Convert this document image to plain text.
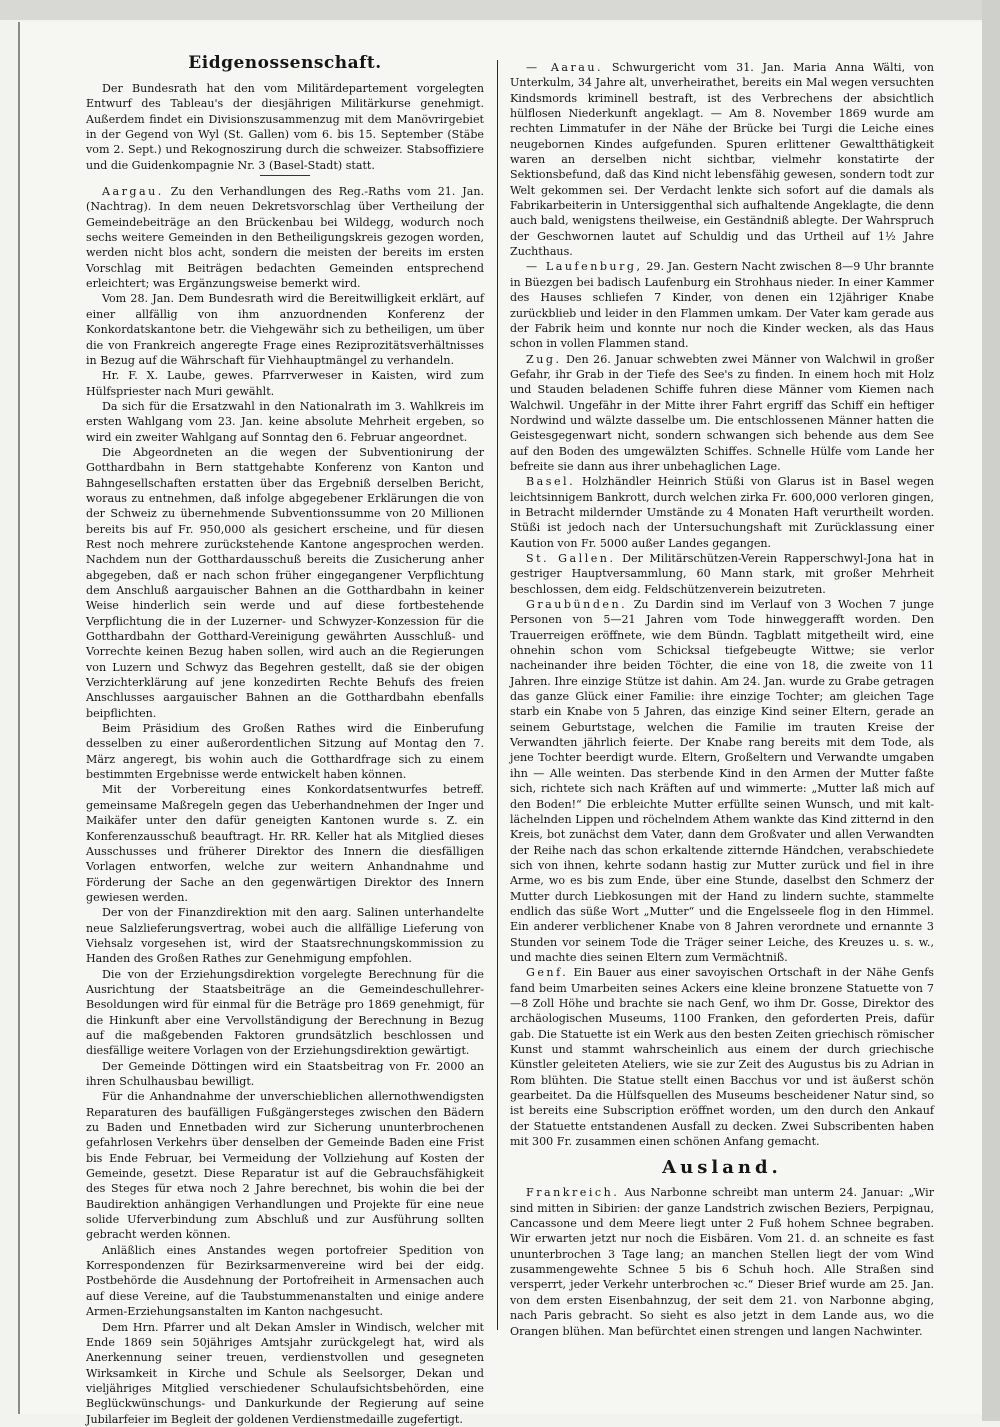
Eidgenossenschaft.

Der Bundesrath hat den vom Militärdepartement vorgelegten Entwurf des Tableau's der diesjährigen Militärkurse genehmigt. Außerdem findet ein Divisionszusammenzug mit dem Manövrirgebiet in der Gegend von Wyl (St. Gallen) vom 6. bis 15. September (Stäbe vom 2. Sept.) und Rekognoszirung durch die schweizer. Stabsoffiziere und die Guidenkompagnie Nr. 3 (Basel-Stadt) statt.

Aargau. Zu den Verhandlungen des Reg.-Raths vom 21. Jan. (Nachtrag). In dem neuen Dekretsvorschlag über Vertheilung der Gemeindebeiträge an den Brückenbau bei Wildegg, wodurch noch sechs weitere Gemeinden in den Betheiligungskreis gezogen worden, werden nicht blos acht, sondern die meisten der bereits im ersten Vorschlag mit Beiträgen bedachten Gemeinden entsprechend erleichtert; was Ergänzungsweise bemerkt wird.

Vom 28. Jan. Dem Bundesrath wird die Bereitwilligkeit erklärt, auf einer allfällig von ihm anzuordnenden Konferenz der Konkordatskantone betr. die Viehgewähr sich zu betheiligen, um über die von Frankreich angeregte Frage eines Reziprozitätsverhältnisses in Bezug auf die Währschaft für Viehhauptmängel zu verhandeln.

Hr. F. X. Laube, gewes. Pfarrverweser in Kaisten, wird zum Hülfspriester nach Muri gewählt.

Da sich für die Ersatzwahl in den Nationalrath im 3. Wahlkreis im ersten Wahlgang vom 23. Jan. keine absolute Mehrheit ergeben, so wird ein zweiter Wahlgang auf Sonntag den 6. Februar angeordnet.

Die Abgeordneten an die wegen der Subventionirung der Gotthardbahn in Bern stattgehabte Konferenz von Kanton und Bahngesellschaften erstatten über das Ergebniß derselben Bericht, woraus zu entnehmen, daß infolge abgegebener Erklärungen die von der Schweiz zu übernehmende Subventionssumme von 20 Millionen bereits bis auf Fr. 950,000 als gesichert erscheine, und für diesen Rest noch mehrere zurückstehende Kantone angesprochen werden. Nachdem nun der Gotthardausschuß bereits die Zusicherung anher abgegeben, daß er nach schon früher eingegangener Verpflichtung dem Anschluß aargauischer Bahnen an die Gotthardbahn in keiner Weise hinderlich sein werde und auf diese fortbestehende Verpflichtung die in der Luzerner- und Schwyzer-Konzession für die Gotthardbahn der Gotthard-Vereinigung gewährten Ausschluß- und Vorrechte keinen Bezug haben sollen, wird auch an die Regierungen von Luzern und Schwyz das Begehren gestellt, daß sie der obigen Verzichterklärung auf jene konzedirten Rechte Behufs des freien Anschlusses aargauischer Bahnen an die Gotthardbahn ebenfalls beipflichten.

Beim Präsidium des Großen Rathes wird die Einberufung desselben zu einer außerordentlichen Sitzung auf Montag den 7. März angeregt, bis wohin auch die Gotthardfrage sich zu einem bestimmten Ergebnisse werde entwickelt haben können.

Mit der Vorbereitung eines Konkordatsentwurfes betreff. gemeinsame Maßregeln gegen das Ueberhandnehmen der Inger und Maikäfer unter den dafür geneigten Kantonen wurde s. Z. ein Konferenzausschuß beauftragt. Hr. RR. Keller hat als Mitglied dieses Ausschusses und früherer Direktor des Innern die diesfälligen Vorlagen entworfen, welche zur weitern Anhandnahme und Förderung der Sache an den gegenwärtigen Direktor des Innern gewiesen werden.

Der von der Finanzdirektion mit den aarg. Salinen unterhandelte neue Salzlieferungsvertrag, wobei auch die allfällige Lieferung von Viehsalz vorgesehen ist, wird der Staatsrechnungskommission zu Handen des Großen Rathes zur Genehmigung empfohlen.

Die von der Erziehungsdirektion vorgelegte Berechnung für die Ausrichtung der Staatsbeiträge an die Gemeindeschullehrer-Besoldungen wird für einmal für die Beträge pro 1869 genehmigt, für die Hinkunft aber eine Vervollständigung der Berechnung in Bezug auf die maßgebenden Faktoren grundsätzlich beschlossen und diesfällige weitere Vorlagen von der Erziehungsdirektion gewärtigt.

Der Gemeinde Döttingen wird ein Staatsbeitrag von Fr. 2000 an ihren Schulhausbau bewilligt.

Für die Anhandnahme der unverschieblichen allernothwendigsten Reparaturen des baufälligen Fußgängersteges zwischen den Bädern zu Baden und Ennetbaden wird zur Sicherung ununterbrochenen gefahrlosen Verkehrs über denselben der Gemeinde Baden eine Frist bis Ende Februar, bei Vermeidung der Vollziehung auf Kosten der Gemeinde, gesetzt. Diese Reparatur ist auf die Gebrauchsfähigkeit des Steges für etwa noch 2 Jahre berechnet, bis wohin die bei der Baudirektion anhängigen Verhandlungen und Projekte für eine neue solide Uferverbindung zum Abschluß und zur Ausführung sollten gebracht werden können.

Anläßlich eines Anstandes wegen portofreier Spedition von Korrespondenzen für Bezirksarmenvereine wird bei der eidg. Postbehörde die Ausdehnung der Portofreiheit in Armensachen auch auf diese Vereine, auf die Taubstummenanstalten und einige andere Armen-Erziehungsanstalten im Kanton nachgesucht.

Dem Hrn. Pfarrer und alt Dekan Amsler in Windisch, welcher mit Ende 1869 sein 50jähriges Amtsjahr zurückgelegt hat, wird als Anerkennung seiner treuen, verdienstvollen und gesegneten Wirksamkeit in Kirche und Schule als Seelsorger, Dekan und vieljähriges Mitglied verschiedener Schulaufsichtsbehörden, eine Beglückwünschungs- und Dankurkunde der Regierung auf seine Jubilarfeier im Begleit der goldenen Verdienstmedaille zugefertigt.

— Aarau. Schwurgericht vom 31. Jan. Maria Anna Wälti, von Unterkulm, 34 Jahre alt, unverheirathet, bereits ein Mal wegen versuchten Kindsmords kriminell bestraft, ist des Verbrechens der absichtlich hülflosen Niederkunft angeklagt. — Am 8. November 1869 wurde am rechten Limmatufer in der Nähe der Brücke bei Turgi die Leiche eines neugebornen Kindes aufgefunden. Spuren erlittener Gewaltthätigkeit waren an derselben nicht sichtbar, vielmehr konstatirte der Sektionsbefund, daß das Kind nicht lebensfähig gewesen, sondern todt zur Welt gekommen sei. Der Verdacht lenkte sich sofort auf die damals als Fabrikarbeiterin in Untersiggenthal sich aufhaltende Angeklagte, die denn auch bald, wenigstens theilweise, ein Geständniß ablegte. Der Wahrspruch der Geschwornen lautet auf Schuldig und das Urtheil auf 1½ Jahre Zuchthaus.

— Laufenburg, 29. Jan. Gestern Nacht zwischen 8—9 Uhr brannte in Büezgen bei badisch Laufenburg ein Strohhaus nieder. In einer Kammer des Hauses schliefen 7 Kinder, von denen ein 12jähriger Knabe zurückblieb und leider in den Flammen umkam. Der Vater kam gerade aus der Fabrik heim und konnte nur noch die Kinder wecken, als das Haus schon in vollen Flammen stand.

Zug. Den 26. Januar schwebten zwei Männer von Walchwil in großer Gefahr, ihr Grab in der Tiefe des See's zu finden. In einem hoch mit Holz und Stauden beladenen Schiffe fuhren diese Männer vom Kiemen nach Walchwil. Ungefähr in der Mitte ihrer Fahrt ergriff das Schiff ein heftiger Nordwind und wälzte dasselbe um. Die entschlossenen Männer hatten die Geistesgegenwart nicht, sondern schwangen sich behende aus dem See auf den Boden des umgewälzten Schiffes. Schnelle Hülfe vom Lande her befreite sie dann aus ihrer unbehaglichen Lage.

Basel. Holzhändler Heinrich Stüßi von Glarus ist in Basel wegen leichtsinnigem Bankrott, durch welchen zirka Fr. 600,000 verloren gingen, in Betracht mildernder Umstände zu 4 Monaten Haft verurtheilt worden. Stüßi ist jedoch nach der Untersuchungshaft mit Zurücklassung einer Kaution von Fr. 5000 außer Landes gegangen.

St. Gallen. Der Militärschützen-Verein Rapperschwyl-Jona hat in gestriger Hauptversammlung, 60 Mann stark, mit großer Mehrheit beschlossen, dem eidg. Feldschützenverein beizutreten.

Graubünden. Zu Dardin sind im Verlauf von 3 Wochen 7 junge Personen von 5—21 Jahren vom Tode hinweggerafft worden. Den Trauerreigen eröffnete, wie dem Bündn. Tagblatt mitgetheilt wird, eine ohnehin schon vom Schicksal tiefgebeugte Wittwe; sie verlor nacheinander ihre beiden Töchter, die eine von 18, die zweite von 11 Jahren. Ihre einzige Stütze ist dahin. Am 24. Jan. wurde zu Grabe getragen das ganze Glück einer Familie: ihre einzige Tochter; am gleichen Tage starb ein Knabe von 5 Jahren, das einzige Kind seiner Eltern, gerade an seinem Geburtstage, welchen die Familie im trauten Kreise der Verwandten jährlich feierte. Der Knabe rang bereits mit dem Tode, als jene Tochter beerdigt wurde. Eltern, Großeltern und Verwandte umgaben ihn — Alle weinten. Das sterbende Kind in den Armen der Mutter faßte sich, richtete sich nach Kräften auf und wimmerte: „Mutter laß mich auf den Boden!“ Die erbleichte Mutter erfüllte seinen Wunsch, und mit kaltlächelnden Lippen und röchelndem Athem wankte das Kind zitternd in den Kreis, bot zunächst dem Vater, dann dem Großvater und allen Verwandten der Reihe nach das schon erkaltende zitternde Händchen, verabschiedete sich von ihnen, kehrte sodann hastig zur Mutter zurück und fiel in ihre Arme, wo es bis zum Ende, über eine Stunde, daselbst den Schmerz der Mutter durch Liebkosungen mit der Hand zu lindern suchte, stammelte endlich das süße Wort „Mutter“ und die Engelsseele flog in den Himmel. Ein anderer verblichener Knabe von 8 Jahren verordnete und ernannte 3 Stunden vor seinem Tode die Träger seiner Leiche, des Kreuzes u. s. w., und machte dies seinen Eltern zum Vermächtniß.

Genf. Ein Bauer aus einer savoyischen Ortschaft in der Nähe Genfs fand beim Umarbeiten seines Ackers eine kleine bronzene Statuette von 7—8 Zoll Höhe und brachte sie nach Genf, wo ihm Dr. Gosse, Direktor des archäologischen Museums, 1100 Franken, den geforderten Preis, dafür gab. Die Statuette ist ein Werk aus den besten Zeiten griechisch römischer Kunst und stammt wahrscheinlich aus einem der durch griechische Künstler geleiteten Ateliers, wie sie zur Zeit des Augustus bis zu Adrian in Rom blühten. Die Statue stellt einen Bacchus vor und ist äußerst schön gearbeitet. Da die Hülfsquellen des Museums bescheidener Natur sind, so ist bereits eine Subscription eröffnet worden, um den durch den Ankauf der Statuette entstandenen Ausfall zu decken. Zwei Subscribenten haben mit 300 Fr. zusammen einen schönen Anfang gemacht.

Ausland.

Frankreich. Aus Narbonne schreibt man unterm 24. Januar: „Wir sind mitten in Sibirien: der ganze Landstrich zwischen Beziers, Perpignau, Cancassone und dem Meere liegt unter 2 Fuß hohem Schnee begraben. Wir erwarten jetzt nur noch die Eisbären. Vom 21. d. an schneite es fast ununterbrochen 3 Tage lang; an manchen Stellen liegt der vom Wind zusammengewehte Schnee 5 bis 6 Schuh hoch. Alle Straßen sind versperrt, jeder Verkehr unterbrochen ꝛc.“ Dieser Brief wurde am 25. Jan. von dem ersten Eisenbahnzug, der seit dem 21. von Narbonne abging, nach Paris gebracht. So sieht es also jetzt in dem Lande aus, wo die Orangen blühen. Man befürchtet einen strengen und langen Nachwinter.
